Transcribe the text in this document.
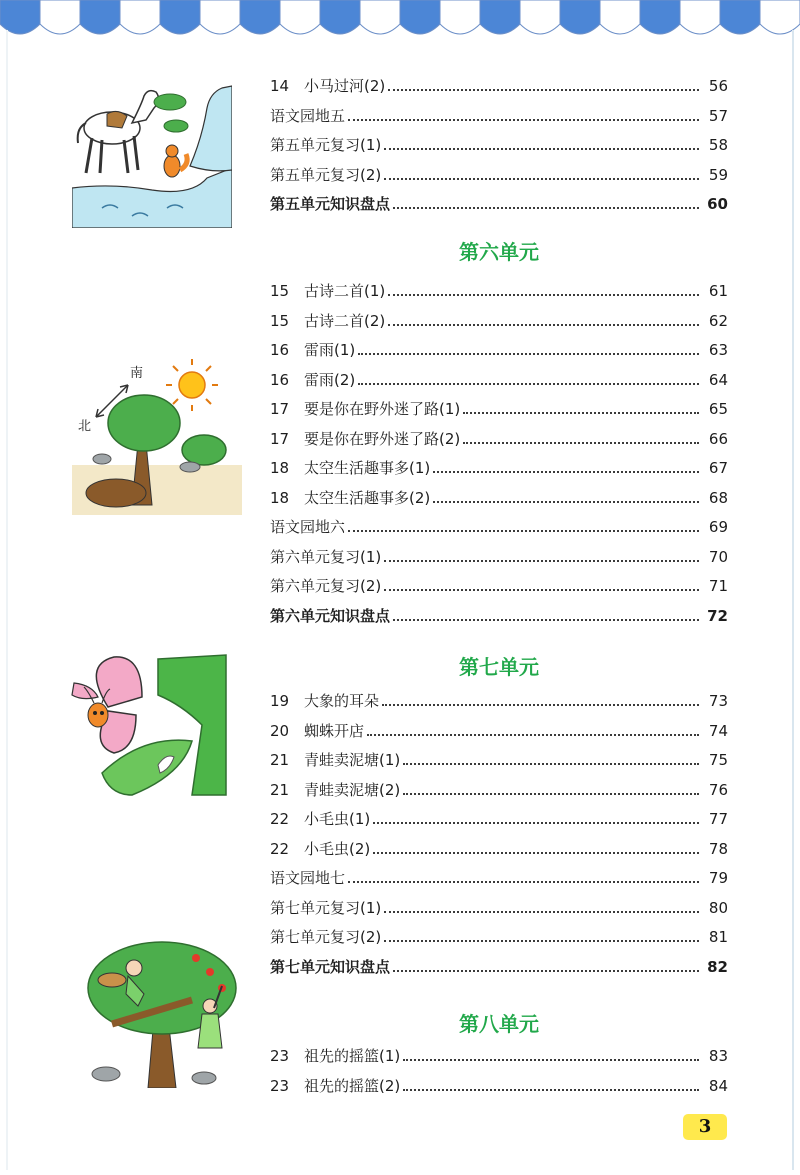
南
北
14 小马过河(2)	56
语文园地五	57
第五单元复习(1)	58
第五单元复习(2)	59
第五单元知识盘点	60
第六单元
15 古诗二首(1)	61
15 古诗二首(2)	62
16 雷雨(1)	63
16 雷雨(2)	64
17 要是你在野外迷了路(1)	65
17 要是你在野外迷了路(2)	66
18 太空生活趣事多(1)	67
18 太空生活趣事多(2)	68
语文园地六	69
第六单元复习(1)	70
第六单元复习(2)	71
第六单元知识盘点	72
第七单元
19 大象的耳朵	73
20 蜘蛛开店	74
21 青蛙卖泥塘(1)	75
21 青蛙卖泥塘(2)	76
22 小毛虫(1)	77
22 小毛虫(2)	78
语文园地七	79
第七单元复习(1)	80
第七单元复习(2)	81
第七单元知识盘点	82
第八单元
23 祖先的摇篮(1)	83
23 祖先的摇篮(2)	84
3
